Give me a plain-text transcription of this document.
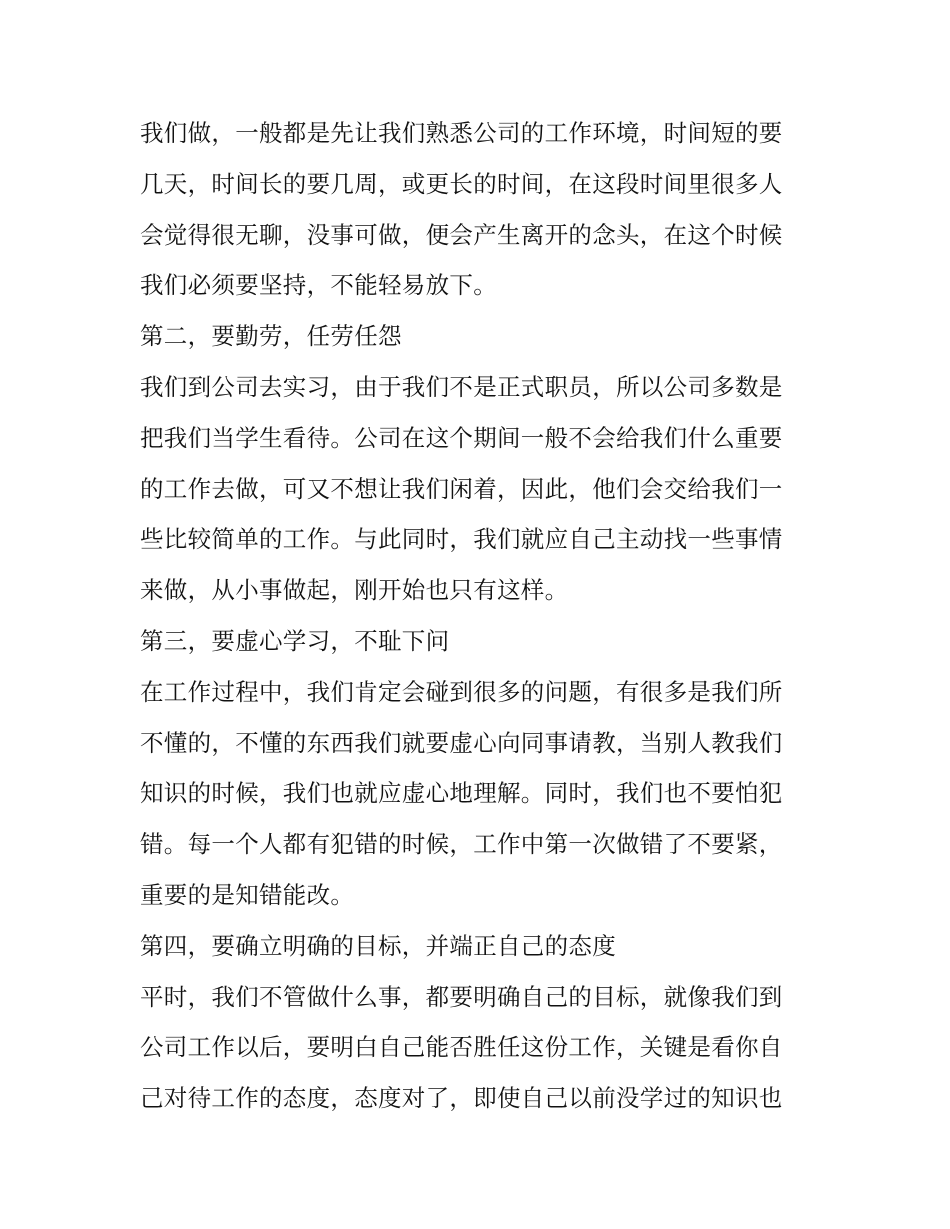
我们做，一般都是先让我们熟悉公司的工作环境，时间短的要
几天，时间长的要几周，或更长的时间，在这段时间里很多人
会觉得很无聊，没事可做，便会产生离开的念头，在这个时候
我们必须要坚持，不能轻易放下。
第二，要勤劳，任劳任怨
我们到公司去实习，由于我们不是正式职员，所以公司多数是
把我们当学生看待。公司在这个期间一般不会给我们什么重要
的工作去做，可又不想让我们闲着，因此，他们会交给我们一
些比较简单的工作。与此同时，我们就应自己主动找一些事情
来做，从小事做起，刚开始也只有这样。
第三，要虚心学习，不耻下问
在工作过程中，我们肯定会碰到很多的问题，有很多是我们所
不懂的，不懂的东西我们就要虚心向同事请教，当别人教我们
知识的时候，我们也就应虚心地理解。同时，我们也不要怕犯
错。每一个人都有犯错的时候，工作中第一次做错了不要紧，
重要的是知错能改。
第四，要确立明确的目标，并端正自己的态度
平时，我们不管做什么事，都要明确自己的目标，就像我们到
公司工作以后，要明白自己能否胜任这份工作，关键是看你自
己对待工作的态度，态度对了，即使自己以前没学过的知识也
